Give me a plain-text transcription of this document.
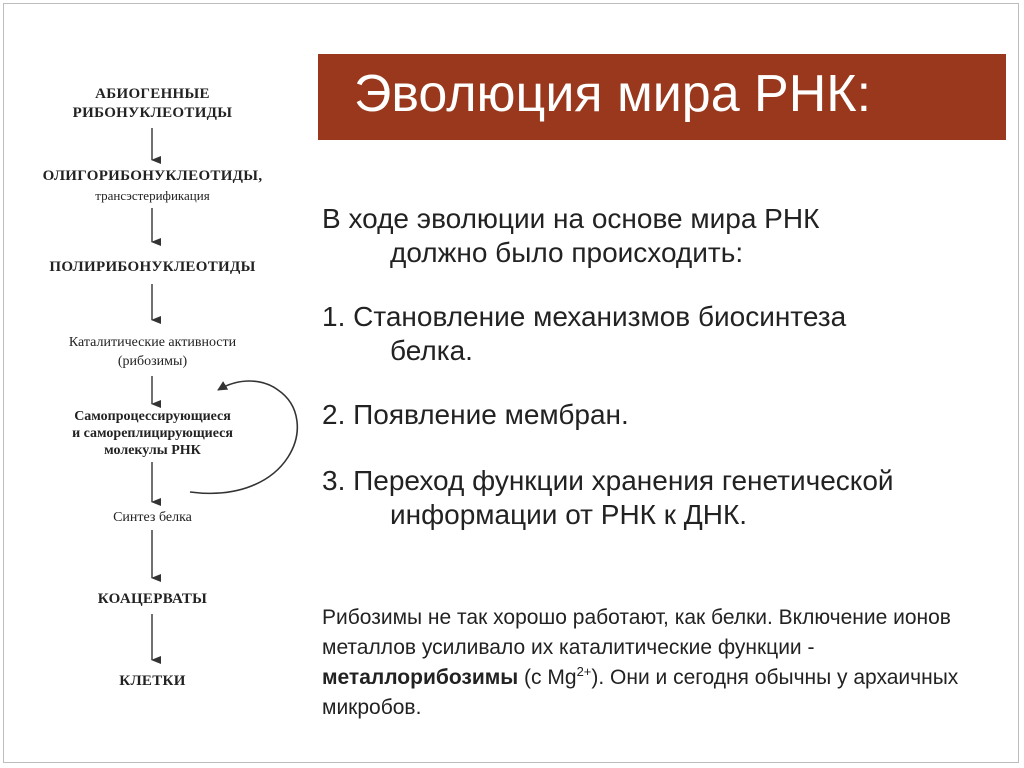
АБИОГЕННЫЕ
РИБОНУКЛЕОТИДЫ
ОЛИГОРИБОНУКЛЕОТИДЫ,
трансэстерификация
ПОЛИРИБОНУКЛЕОТИДЫ
Каталитические активности
(рибозимы)
Самопроцессирующиеся
и самореплицирующиеся
молекулы РНК
Синтез белка
КОАЦЕРВАТЫ
КЛЕТКИ
Эволюция мира РНК:
В ходе эволюции на основе мира РНК
должно было происходить:
1. Становление механизмов биосинтеза
белка.
2. Появление мембран.
3. Переход функции хранения генетической
информации от РНК к ДНК.
Рибозимы не так хорошо работают, как белки. Включение ионов металлов усиливало их каталитические функции - металлорибозимы (с $Mg^{2+}$). Они и сегодня обычны у архаичных микробов.
